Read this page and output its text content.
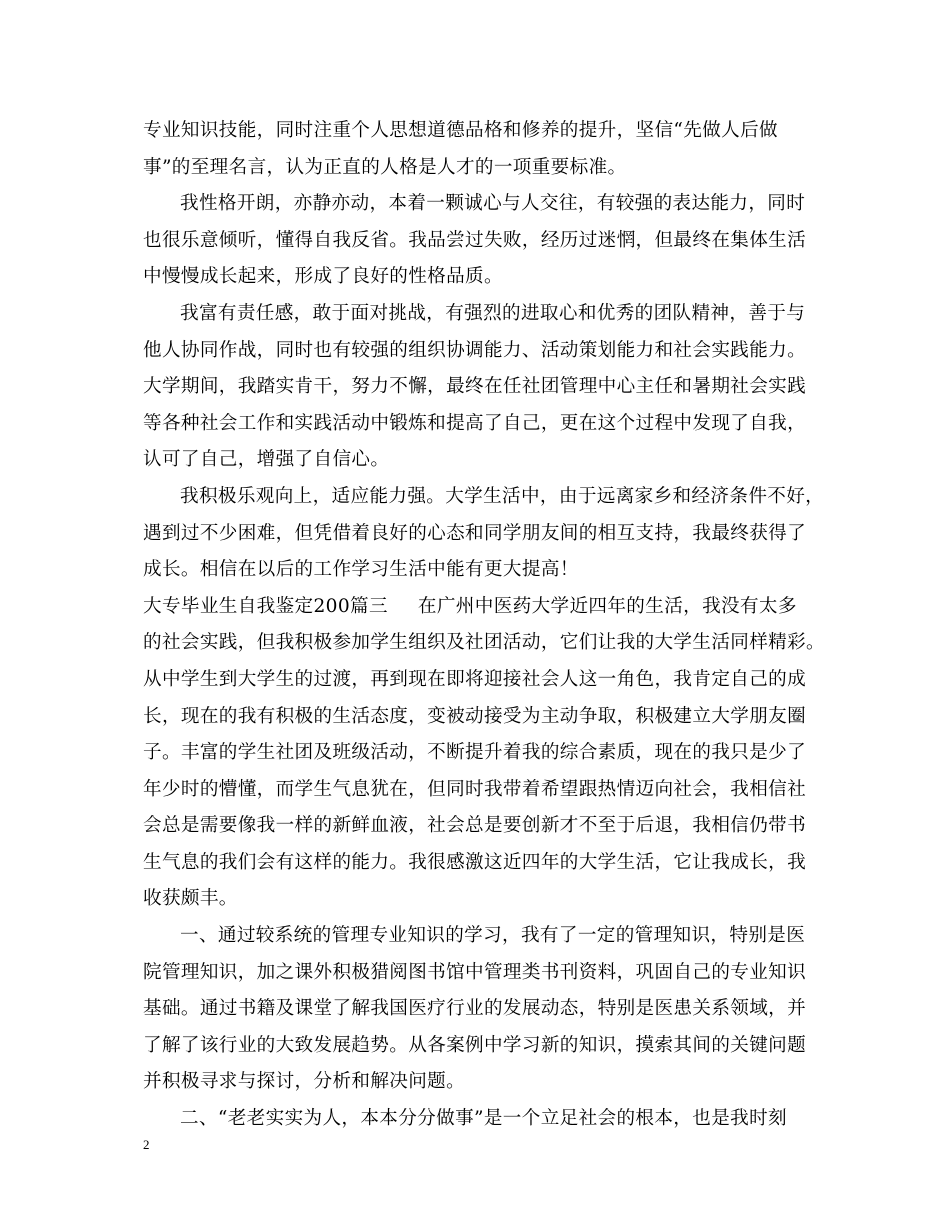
专业知识技能，同时注重个人思想道德品格和修养的提升，坚信“先做人后做
事”的至理名言，认为正直的人格是人才的一项重要标准。
我性格开朗，亦静亦动，本着一颗诚心与人交往，有较强的表达能力，同时
也很乐意倾听，懂得自我反省。我品尝过失败，经历过迷惘，但最终在集体生活
中慢慢成长起来，形成了良好的性格品质。
我富有责任感，敢于面对挑战，有强烈的进取心和优秀的团队精神，善于与
他人协同作战，同时也有较强的组织协调能力、活动策划能力和社会实践能力。
大学期间，我踏实肯干，努力不懈，最终在任社团管理中心主任和暑期社会实践
等各种社会工作和实践活动中锻炼和提高了自己，更在这个过程中发现了自我，
认可了自己，增强了自信心。
我积极乐观向上，适应能力强。大学生活中，由于远离家乡和经济条件不好，
遇到过不少困难，但凭借着良好的心态和同学朋友间的相互支持，我最终获得了
成长。相信在以后的工作学习生活中能有更大提高！
大专毕业生自我鉴定200篇三 在广州中医药大学近四年的生活，我没有太多
的社会实践，但我积极参加学生组织及社团活动，它们让我的大学生活同样精彩。
从中学生到大学生的过渡，再到现在即将迎接社会人这一角色，我肯定自己的成
长，现在的我有积极的生活态度，变被动接受为主动争取，积极建立大学朋友圈
子。丰富的学生社团及班级活动，不断提升着我的综合素质，现在的我只是少了
年少时的懵懂，而学生气息犹在，但同时我带着希望跟热情迈向社会，我相信社
会总是需要像我一样的新鲜血液，社会总是要创新才不至于后退，我相信仍带书
生气息的我们会有这样的能力。我很感激这近四年的大学生活，它让我成长，我
收获颇丰。
一、通过较系统的管理专业知识的学习，我有了一定的管理知识，特别是医
院管理知识，加之课外积极猎阅图书馆中管理类书刊资料，巩固自己的专业知识
基础。通过书籍及课堂了解我国医疗行业的发展动态，特别是医患关系领域，并
了解了该行业的大致发展趋势。从各案例中学习新的知识，摸索其间的关键问题
并积极寻求与探讨，分析和解决问题。
二、“老老实实为人，本本分分做事”是一个立足社会的根本，也是我时刻
2
